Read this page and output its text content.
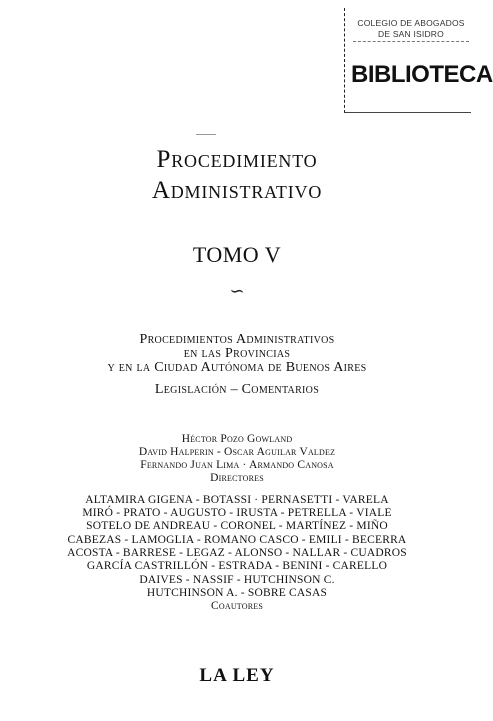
COLEGIO DE ABOGADOS
DE SAN ISIDRO
BIBLIOTECA
Procedimiento
Administrativo
TOMO V
∽
Procedimientos Administrativos
en las Provincias
y en la Ciudad Autónoma de Buenos Aires
Legislación – Comentarios
Héctor Pozo Gowland
David Halperin - Oscar Aguilar Valdez
Fernando Juan Lima · Armando Canosa
Directores
ALTAMIRA GIGENA - BOTASSI · PERNASETTI - VARELA
MIRÓ - PRATO - AUGUSTO - IRUSTA - PETRELLA - VIALE
SOTELO DE ANDREAU - CORONEL - MARTÍNEZ - MIÑO
CABEZAS - LAMOGLIA - ROMANO CASCO - EMILI - BECERRA
ACOSTA - BARRESE - LEGAZ - ALONSO - NALLAR - CUADROS
GARCÍA CASTRILLÓN - ESTRADA - BENINI - CARELLO
DAIVES - NASSIF - HUTCHINSON C.
HUTCHINSON A. - SOBRE CASAS
Coautores
LA LEY
